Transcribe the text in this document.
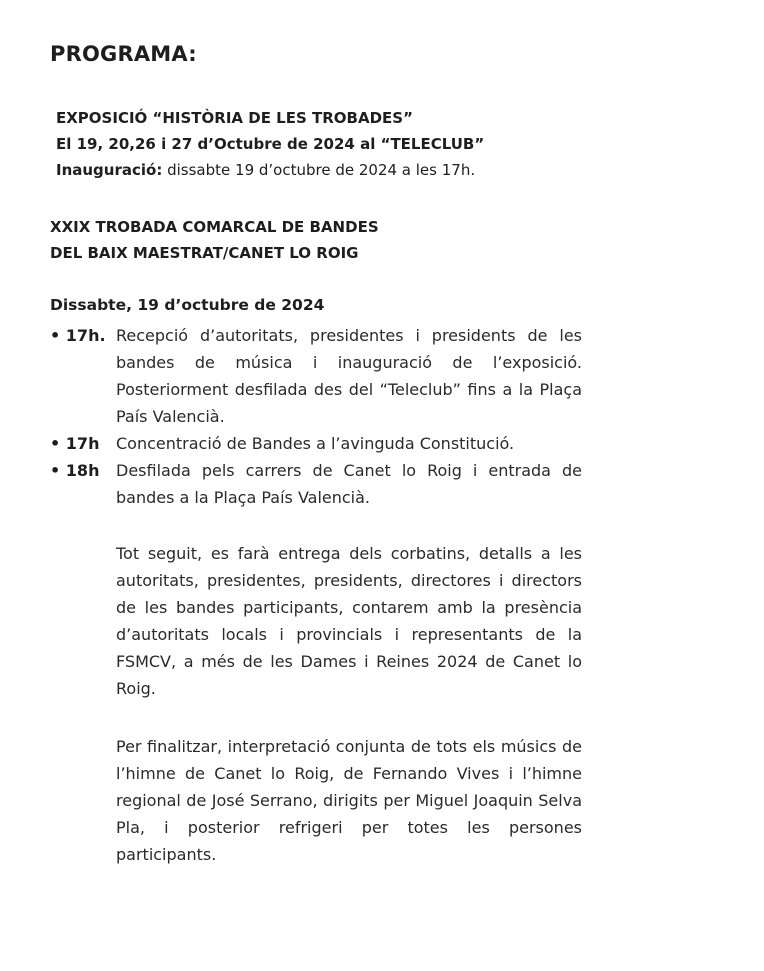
PROGRAMA:
EXPOSICIÓ “HISTÒRIA DE LES TROBADES”
El 19, 20,26 i 27 d’Octubre de 2024 al “TELECLUB”
Inauguració: dissabte 19 d’octubre de 2024 a les 17h.
XXIX TROBADA COMARCAL DE BANDES
DEL BAIX MAESTRAT/CANET LO ROIG
Dissabte, 19 d’octubre de 2024
• 17h. Recepció d’autoritats, presidentes i presidents de les bandes de música i inauguració de l’exposició. Posteriorment desfilada des del “Teleclub” fins a la Plaça País Valencià.
• 17h	Concentració de Bandes a l’avinguda Constitució.
• 18h	Desfilada pels carrers de Canet lo Roig i entrada de bandes a la Plaça País Valencià.
Tot seguit, es farà entrega dels corbatins, detalls a les autoritats, presidentes, presidents, directores i directors de les bandes participants, contarem amb la presència d’autoritats locals i provincials i representants de la FSMCV, a més de les Dames i Reines 2024 de Canet lo Roig.
Per finalitzar, interpretació conjunta de tots els músics de l’himne de Canet lo Roig, de Fernando Vives i l’himne regional de José Serrano, dirigits per Miguel Joaquin Selva Pla, i posterior refrigeri per totes les persones participants.
